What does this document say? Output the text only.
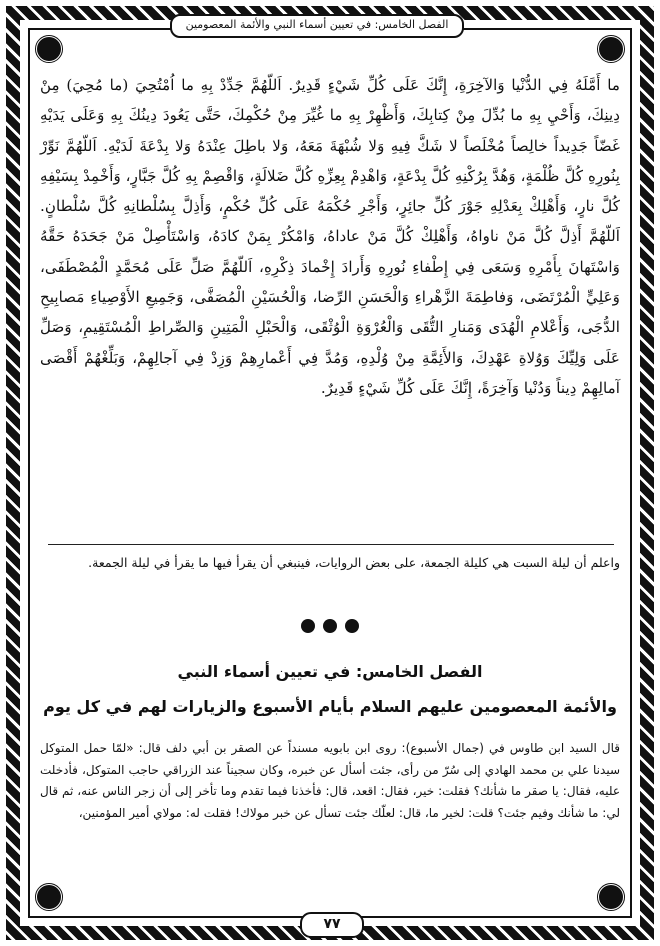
الفصل الخامس: في تعيين أسماء النبي والأئمة المعصومين

ما أَمَّلَهُ فِي الدُّنْيا وَالآخِرَةِ، إِنَّكَ عَلَى كُلِّ شَيْءٍ قَدِيرٌ. اَللّهُمَّ جَدِّدْ بِهِ ما اُمْتُحِيَ (ما مُحِيَ) مِنْ دِينِكَ، وَأَحْيِ بِهِ ما بُدِّلَ مِنْ كِتابِكَ، وَأَظْهِرْ بِهِ ما غُيِّرَ مِنْ حُكْمِكَ، حَتَّى يَعُودَ دِينُكَ بِهِ وَعَلَى يَدَيْهِ غَضّاً جَدِيداً خالِصاً مُخْلَصاً لا شَكَّ فِيهِ وَلا شُبْهَةَ مَعَهُ، وَلا باطِلَ عِنْدَهُ وَلا بِدْعَةَ لَدَيْهِ. اَللّهُمَّ نَوِّرْ بِنُورِهِ كُلَّ ظُلْمَةٍ، وَهُدَّ بِرُكْنِهِ كُلَّ بِدْعَةٍ، وَاهْدِمْ بِعِزِّهِ كُلَّ ضَلالَةٍ، وَاقْصِمْ بِهِ كُلَّ جَبَّارٍ، وَأَخْمِدْ بِسَيْفِهِ كُلَّ نارٍ، وَأَهْلِكْ بِعَدْلِهِ جَوْرَ كُلِّ جائِرٍ، وَأَجْرِ حُكْمَهُ عَلَى كُلِّ حُكْمٍ، وَأَذِلَّ بِسُلْطانِهِ كُلَّ سُلْطانٍ. اَللّهُمَّ أَذِلَّ كُلَّ مَنْ ناواهُ، وَأَهْلِكْ كُلَّ مَنْ عاداهُ، وَامْكُرْ بِمَنْ كادَهُ، وَاسْتَأْصِلْ مَنْ جَحَدَهُ حَقَّهُ وَاسْتَهانَ بِأَمْرِهِ وَسَعَى فِي إِطْفاءِ نُورِهِ وَأَرادَ إِخْمادَ ذِكْرِهِ، اَللّهُمَّ صَلِّ عَلَى مُحَمَّدٍ الْمُصْطَفَى، وَعَلِيٍّ الْمُرْتَضَى، وَفاطِمَةَ الزَّهْراءِ وَالْحَسَنِ الرِّضا، وَالْحُسَيْنِ الْمُصَفَّى، وَجَمِيعِ الأَوْصِياءِ مَصابِيحِ الدُّجَى، وَأَعْلامِ الْهُدَى وَمَنارِ التُّقَى وَالْعُرْوَةِ الْوُثْقَى، وَالْحَبْلِ الْمَتِينِ وَالصِّراطِ الْمُسْتَقِيمِ، وَصَلِّ عَلَى وَلِيِّكَ وَوُلاةِ عَهْدِكَ، وَالأَئِمَّةِ مِنْ وُلْدِهِ، وَمُدَّ فِي أَعْمارِهِمْ وَزِدْ فِي آجالِهِمْ، وَبَلِّغْهُمْ أَقْصَى آمالِهِمْ دِيناً وَدُنْيا وَآخِرَةً، إِنَّكَ عَلَى كُلِّ شَيْءٍ قَدِيرٌ.

واعلم أن ليلة السبت هي كليلة الجمعة، على بعض الروايات، فينبغي أن يقرأ فيها ما يقرأ في ليلة الجمعة.

الفصل الخامس: في تعيين أسماء النبي

والأئمة المعصومين عليهم السلام بأيام الأسبوع والزيارات لهم في كل يوم

قال السيد ابن طاوس في (جمال الأسبوع): روى ابن بابويه مسنداً عن الصقر بن أبي دلف قال: «لمّا حمل المتوكل سيدنا علي بن محمد الهادي إلى سُرّ من رأى، جئت أسأل عن خبره، وكان سجيناً عند الزراقي حاجب المتوكل، فأدخلت عليه، فقال: يا صقر ما شأنك؟ فقلت: خير، فقال: اقعد، قال: فأخذنا فيما تقدم وما تأخر إلى أن زجر الناس عنه، ثم قال لي: ما شأنك وفيم جئت؟ قلت: لخير ما، قال: لعلّك جئت تسأل عن خبر مولاك! فقلت له: مولاي أمير المؤمنين،

٧٧
